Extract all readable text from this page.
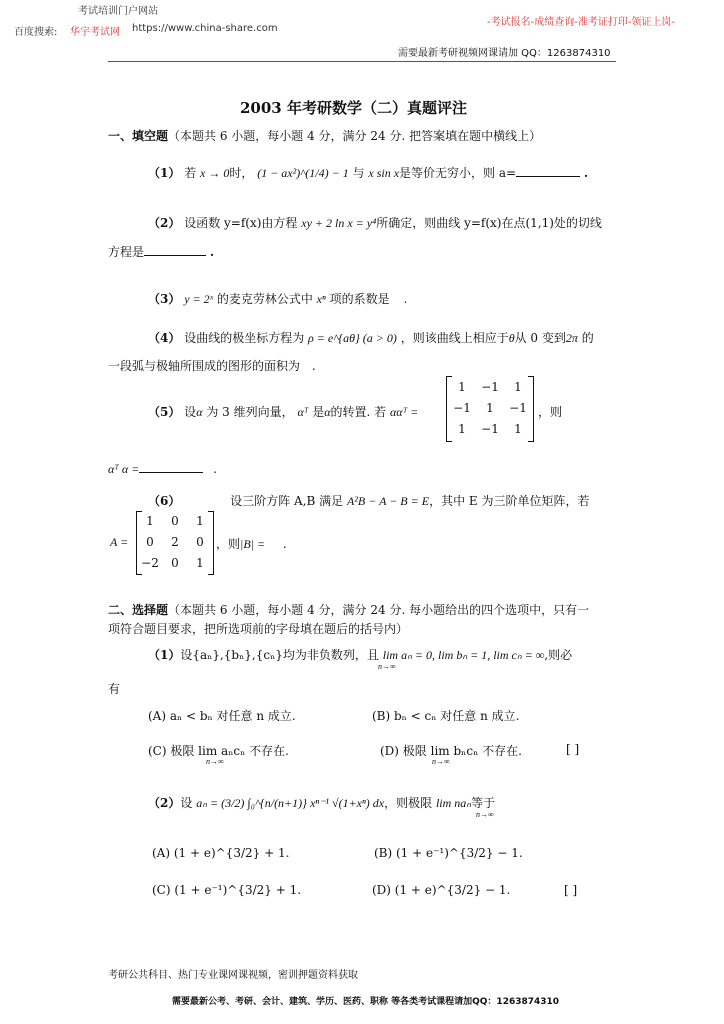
考试培训门户网站
百度搜索: 华宇考试网 https://www.china-share.com
-考试报名-成绩查询-准考证打印-领证上岗-
需要最新考研视频网课请加 QQ：1263874310
2003 年考研数学（二）真题评注
一、填空题（本题共 6 小题，每小题 4 分，满分 24 分. 把答案填在题中横线上）
（1） 若 x → 0时， (1 − ax²)^(1/4) − 1 与 x sin x是等价无穷小，则 a=	.
（2） 设函数 y=f(x)由方程 xy + 2 ln x = y⁴所确定，则曲线 y=f(x)在点(1,1)处的切线
方程是	.
（3） y = 2ˣ 的麦克劳林公式中 xⁿ 项的系数是 .
（4） 设曲线的极坐标方程为 ρ = e^{aθ} (a > 0) ，则该曲线上相应于θ从 0 变到2π 的
一段弧与极轴所围成的图形的面积为 .
（5） 设α 为 3 维列向量， αᵀ 是α的转置. 若 ααᵀ =
1	−1	1
−1	1	−1
1	−1	1
，则
αᵀ α =	.
（6）	设三阶方阵 A,B 满足 A²B − A − B = E，其中 E 为三阶单位矩阵，若
A =
1	0	1
0	2	0
−2	0	1
，则|B| = .
二、选择题（本题共 6 小题，每小题 4 分，满分 24 分. 每小题给出的四个选项中，只有一
项符合题目要求，把所选项前的字母填在题后的括号内）
（1）设{aₙ},{bₙ},{cₙ}均为非负数列，且 lim aₙ = 0, lim bₙ = 1, lim cₙ = ∞,则必
n→∞
有
(A) aₙ < bₙ 对任意 n 成立.	(B) bₙ < cₙ 对任意 n 成立.
(C) 极限 lim aₙcₙ 不存在.	(D) 极限 lim bₙcₙ 不存在.
n→∞	n→∞
[ ]
（2）设 aₙ = (3/2) ∫₀^{n/(n+1)} xⁿ⁻¹ √(1+xⁿ) dx，则极限 lim naₙ等于
n→∞
(A) (1 + e)^{3/2} + 1.	(B) (1 + e⁻¹)^{3/2} − 1.
(C) (1 + e⁻¹)^{3/2} + 1.	(D) (1 + e)^{3/2} − 1.	[ ]
考研公共科目、热门专业课网课视频，密训押题资料获取
需要最新公考、考研、会计、建筑、学历、医药、职称 等各类考试课程请加QQ：1263874310
